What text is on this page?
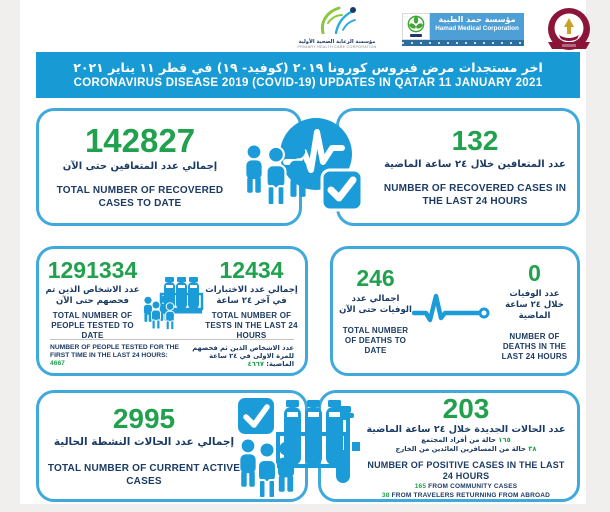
مؤسسة الرعاية الصحية الأولية
PRIMARY HEALTH CARE CORPORATION
مؤسسة حمد الطبية
Hamad Medical Corporation
اخر مستجدات مرض فيروس كورونا ٢٠١٩ (كوفيد- ١٩) في قطر ١١ يناير ٢٠٢١
CORONAVIRUS DISEASE 2019 (COVID-19) UPDATES IN QATAR 11 JANUARY 2021
142827
إجمالي عدد المتعافين حتى الآن
TOTAL NUMBER OF RECOVERED CASES TO DATE
132
عدد المتعافين خلال ٢٤ ساعة الماضية
NUMBER OF RECOVERED CASES IN THE LAST 24 HOURS
1291334
عدد الاشخاص الذين تم فحصهم حتى الآن
TOTAL NUMBER OF PEOPLE TESTED TO DATE
12434
إجمالي عدد الاختبارات في آخر ٢٤ ساعة
TOTAL NUMBER OF TESTS IN THE LAST 24 HOURS
NUMBER OF PEOPLE TESTED FOR THE FIRST TIME IN THE LAST 24 HOURS: 4667
عدد الاشخاص الذين تم فحصهم للمرة الاولى في ٢٤ ساعة الماضية: ٤٦٦٧
246
اجمالي عدد الوفيات حتى الآن
TOTAL NUMBER OF DEATHS TO DATE
0
عدد الوفيات خلال ٢٤ ساعة الماضية
NUMBER OF DEATHS IN THE LAST 24 HOURS
2995
إجمالي عدد الحالات النشطة الحالية
TOTAL NUMBER OF CURRENT ACTIVE CASES
203
عدد الحالات الجديدة خلال ٢٤ ساعة الماضية
١٦٥ حالة من أفراد المجتمع
٣٨ حالة من المسافرين العائدين من الخارج
NUMBER OF POSITIVE CASES IN THE LAST 24 HOURS
165 FROM COMMUNITY CASES
38 FROM TRAVELERS RETURNING FROM ABROAD
